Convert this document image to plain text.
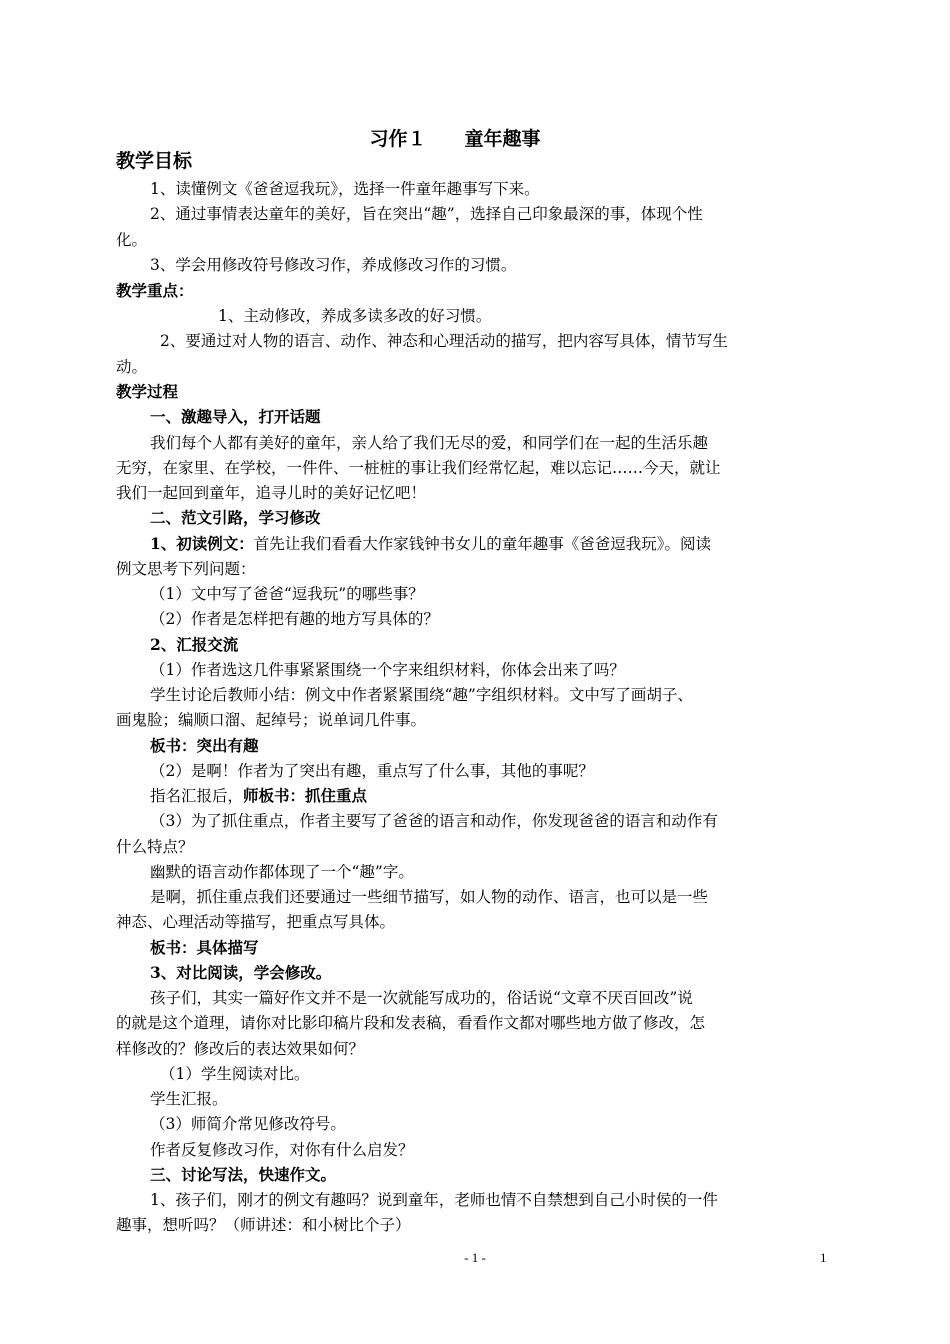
习作１　　童年趣事
教学目标
1、读懂例文《爸爸逗我玩》，选择一件童年趣事写下来。
2、通过事情表达童年的美好，旨在突出“趣”，选择自己印象最深的事，体现个性
化。
3、学会用修改符号修改习作，养成修改习作的习惯。
教学重点：
1、主动修改，养成多读多改的好习惯。
2、要通过对人物的语言、动作、神态和心理活动的描写，把内容写具体，情节写生
动。
教学过程
一、激趣导入，打开话题
我们每个人都有美好的童年，亲人给了我们无尽的爱，和同学们在一起的生活乐趣
无穷，在家里、在学校，一件件、一桩桩的事让我们经常忆起，难以忘记……今天，就让
我们一起回到童年，追寻儿时的美好记忆吧！
二、范文引路，学习修改
1、初读例文：首先让我们看看大作家钱钟书女儿的童年趣事《爸爸逗我玩》。阅读
例文思考下列问题：
（1）文中写了爸爸“逗我玩”的哪些事？
（2）作者是怎样把有趣的地方写具体的？
2、汇报交流
（1）作者选这几件事紧紧围绕一个字来组织材料，你体会出来了吗？
学生讨论后教师小结：例文中作者紧紧围绕“趣”字组织材料。文中写了画胡子、
画鬼脸；编顺口溜、起绰号；说单词几件事。
板书：突出有趣
（2）是啊！作者为了突出有趣，重点写了什么事，其他的事呢？
指名汇报后，师板书：抓住重点
（3）为了抓住重点，作者主要写了爸爸的语言和动作，你发现爸爸的语言和动作有
什么特点？
幽默的语言动作都体现了一个“趣”字。
是啊，抓住重点我们还要通过一些细节描写，如人物的动作、语言，也可以是一些
神态、心理活动等描写，把重点写具体。
板书：具体描写
3、对比阅读，学会修改。
孩子们，其实一篇好作文并不是一次就能写成功的，俗话说“文章不厌百回改”说
的就是这个道理，请你对比影印稿片段和发表稿，看看作文都对哪些地方做了修改，怎
样修改的？修改后的表达效果如何？
（1）学生阅读对比。
学生汇报。
（3）师简介常见修改符号。
作者反复修改习作，对你有什么启发？
三、讨论写法，快速作文。
1、孩子们，刚才的例文有趣吗？说到童年，老师也情不自禁想到自己小时侯的一件
趣事，想听吗？（师讲述：和小树比个子）
- 1 -	1
